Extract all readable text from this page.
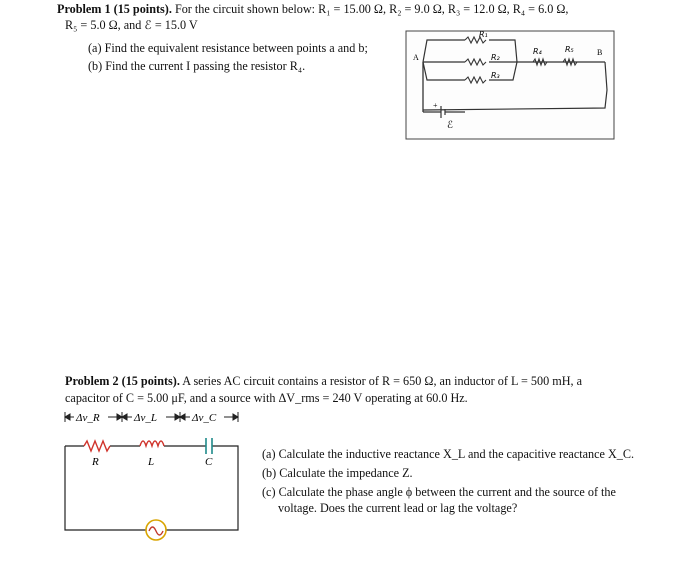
Problem 1 (15 points). For the circuit shown below: R₁ = 15.00 Ω, R₂ = 9.0 Ω, R₃ = 12.0 Ω, R₄ = 6.0 Ω,
R₅ = 5.0 Ω, and ℰ = 15.0 V
(a) Find the equivalent resistance between points a and b;
(b) Find the current I passing the resistor R₄.
A
B
R₁
R₂
R₃
R₄	R₅
+
ℰ
Problem 2 (15 points). A series AC circuit contains a resistor of R = 650 Ω, an inductor of L = 500 mH, a
capacitor of C = 5.00 μF, and a source with ΔV_rms = 240 V operating at 60.0 Hz.
Δv_R	Δv_L	Δv_C
R	L	C
(a) Calculate the inductive reactance X_L and the capacitive reactance X_C.
(b) Calculate the impedance Z.
(c) Calculate the phase angle ϕ between the current and the source of the
voltage. Does the current lead or lag the voltage?
